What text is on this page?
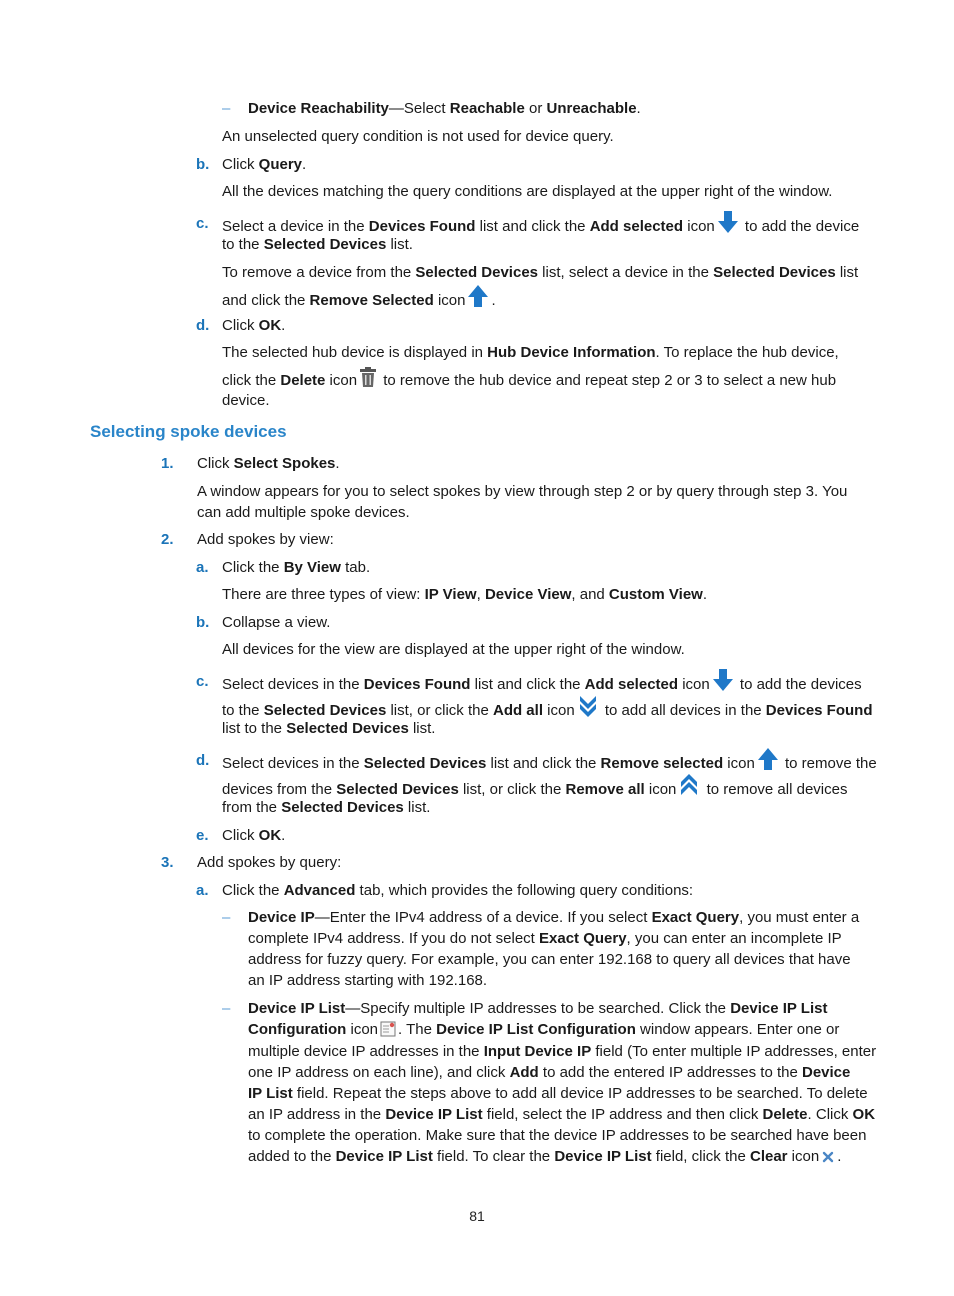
– Device Reachability—Select Reachable or Unreachable.
An unselected query condition is not used for device query.
b. Click Query.
All the devices matching the query conditions are displayed at the upper right of the window.
c. Select a device in the Devices Found list and click the Add selected icon to add the device
to the Selected Devices list.
To remove a device from the Selected Devices list, select a device in the Selected Devices list
and click the Remove Selected icon .
d. Click OK.
The selected hub device is displayed in Hub Device Information. To replace the hub device,
click the Delete icon to remove the hub device and repeat step 2 or 3 to select a new hub
device.
Selecting spoke devices
1. Click Select Spokes.
A window appears for you to select spokes by view through step 2 or by query through step 3. You
can add multiple spoke devices.
2. Add spokes by view:
a. Click the By View tab.
There are three types of view: IP View, Device View, and Custom View.
b. Collapse a view.
All devices for the view are displayed at the upper right of the window.
c. Select devices in the Devices Found list and click the Add selected icon to add the devices
to the Selected Devices list, or click the Add all icon to add all devices in the Devices Found
list to the Selected Devices list.
d. Select devices in the Selected Devices list and click the Remove selected icon to remove the
devices from the Selected Devices list, or click the Remove all icon to remove all devices
from the Selected Devices list.
e. Click OK.
3. Add spokes by query:
a. Click the Advanced tab, which provides the following query conditions:
– Device IP—Enter the IPv4 address of a device. If you select Exact Query, you must enter a
complete IPv4 address. If you do not select Exact Query, you can enter an incomplete IP
address for fuzzy query. For example, you can enter 192.168 to query all devices that have
an IP address starting with 192.168.
– Device IP List—Specify multiple IP addresses to be searched. Click the Device IP List
Configuration icon . The Device IP List Configuration window appears. Enter one or
multiple device IP addresses in the Input Device IP field (To enter multiple IP addresses, enter
one IP address on each line), and click Add to add the entered IP addresses to the Device
IP List field. Repeat the steps above to add all device IP addresses to be searched. To delete
an IP address in the Device IP List field, select the IP address and then click Delete. Click OK
to complete the operation. Make sure that the device IP addresses to be searched have been
added to the Device IP List field. To clear the Device IP List field, click the Clear icon .
81
